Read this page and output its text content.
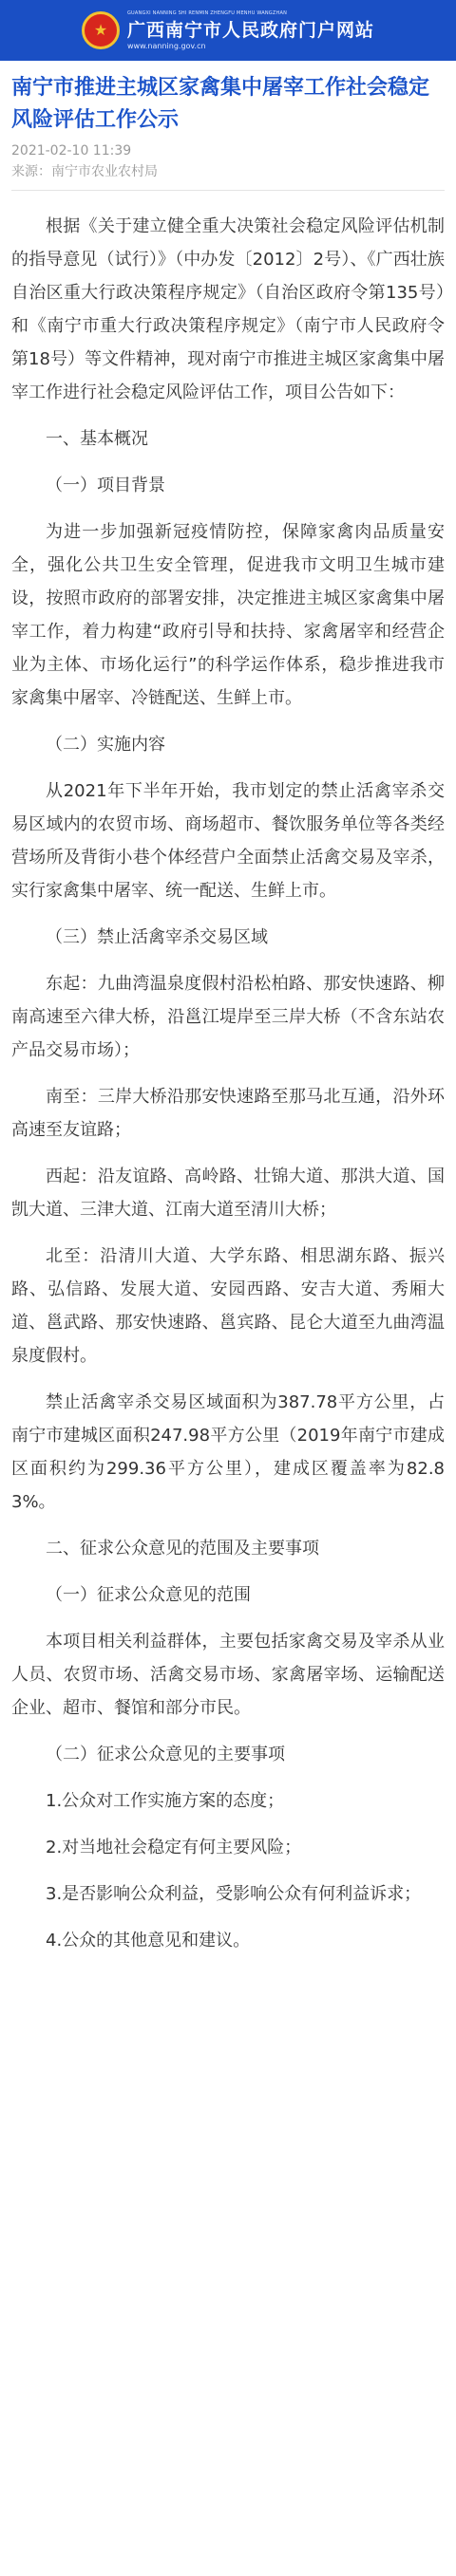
★
GUANGXI NANNING SHI RENMIN ZHENGFU MENHU WANGZHAN
广西南宁市人民政府门户网站
www.nanning.gov.cn
南宁市推进主城区家禽集中屠宰工作社会稳定风险评估工作公示
2021-02-10 11:39
来源：南宁市农业农村局

根据《关于建立健全重大决策社会稳定风险评估机制的指导意见（试行）》（中办发〔2012〕2号）、《广西壮族自治区重大行政决策程序规定》（自治区政府令第135号）和《南宁市重大行政决策程序规定》（南宁市人民政府令第18号）等文件精神，现对南宁市推进主城区家禽集中屠宰工作进行社会稳定风险评估工作，项目公告如下：

一、基本概况

（一）项目背景

为进一步加强新冠疫情防控，保障家禽肉品质量安全，强化公共卫生安全管理，促进我市文明卫生城市建设，按照市政府的部署安排，决定推进主城区家禽集中屠宰工作，着力构建“政府引导和扶持、家禽屠宰和经营企业为主体、市场化运行”的科学运作体系，稳步推进我市家禽集中屠宰、冷链配送、生鲜上市。

（二）实施内容

从2021年下半年开始，我市划定的禁止活禽宰杀交易区域内的农贸市场、商场超市、餐饮服务单位等各类经营场所及背街小巷个体经营户全面禁止活禽交易及宰杀，实行家禽集中屠宰、统一配送、生鲜上市。

（三）禁止活禽宰杀交易区域

东起：九曲湾温泉度假村沿松柏路、那安快速路、柳南高速至六律大桥，沿邕江堤岸至三岸大桥（不含东站农产品交易市场）；

南至：三岸大桥沿那安快速路至那马北互通，沿外环高速至友谊路；

西起：沿友谊路、高岭路、壮锦大道、那洪大道、国凯大道、三津大道、江南大道至清川大桥；

北至：沿清川大道、大学东路、相思湖东路、振兴路、弘信路、发展大道、安园西路、安吉大道、秀厢大道、邕武路、那安快速路、邕宾路、昆仑大道至九曲湾温泉度假村。

禁止活禽宰杀交易区域面积为387.78平方公里，占南宁市建城区面积247.98平方公里（2019年南宁市建成区面积约为299.36平方公里），建成区覆盖率为82.83%。

二、征求公众意见的范围及主要事项

（一）征求公众意见的范围

本项目相关利益群体，主要包括家禽交易及宰杀从业人员、农贸市场、活禽交易市场、家禽屠宰场、运输配送企业、超市、餐馆和部分市民。

（二）征求公众意见的主要事项

1.公众对工作实施方案的态度；

2.对当地社会稳定有何主要风险；

3.是否影响公众利益，受影响公众有何利益诉求；

4.公众的其他意见和建议。
